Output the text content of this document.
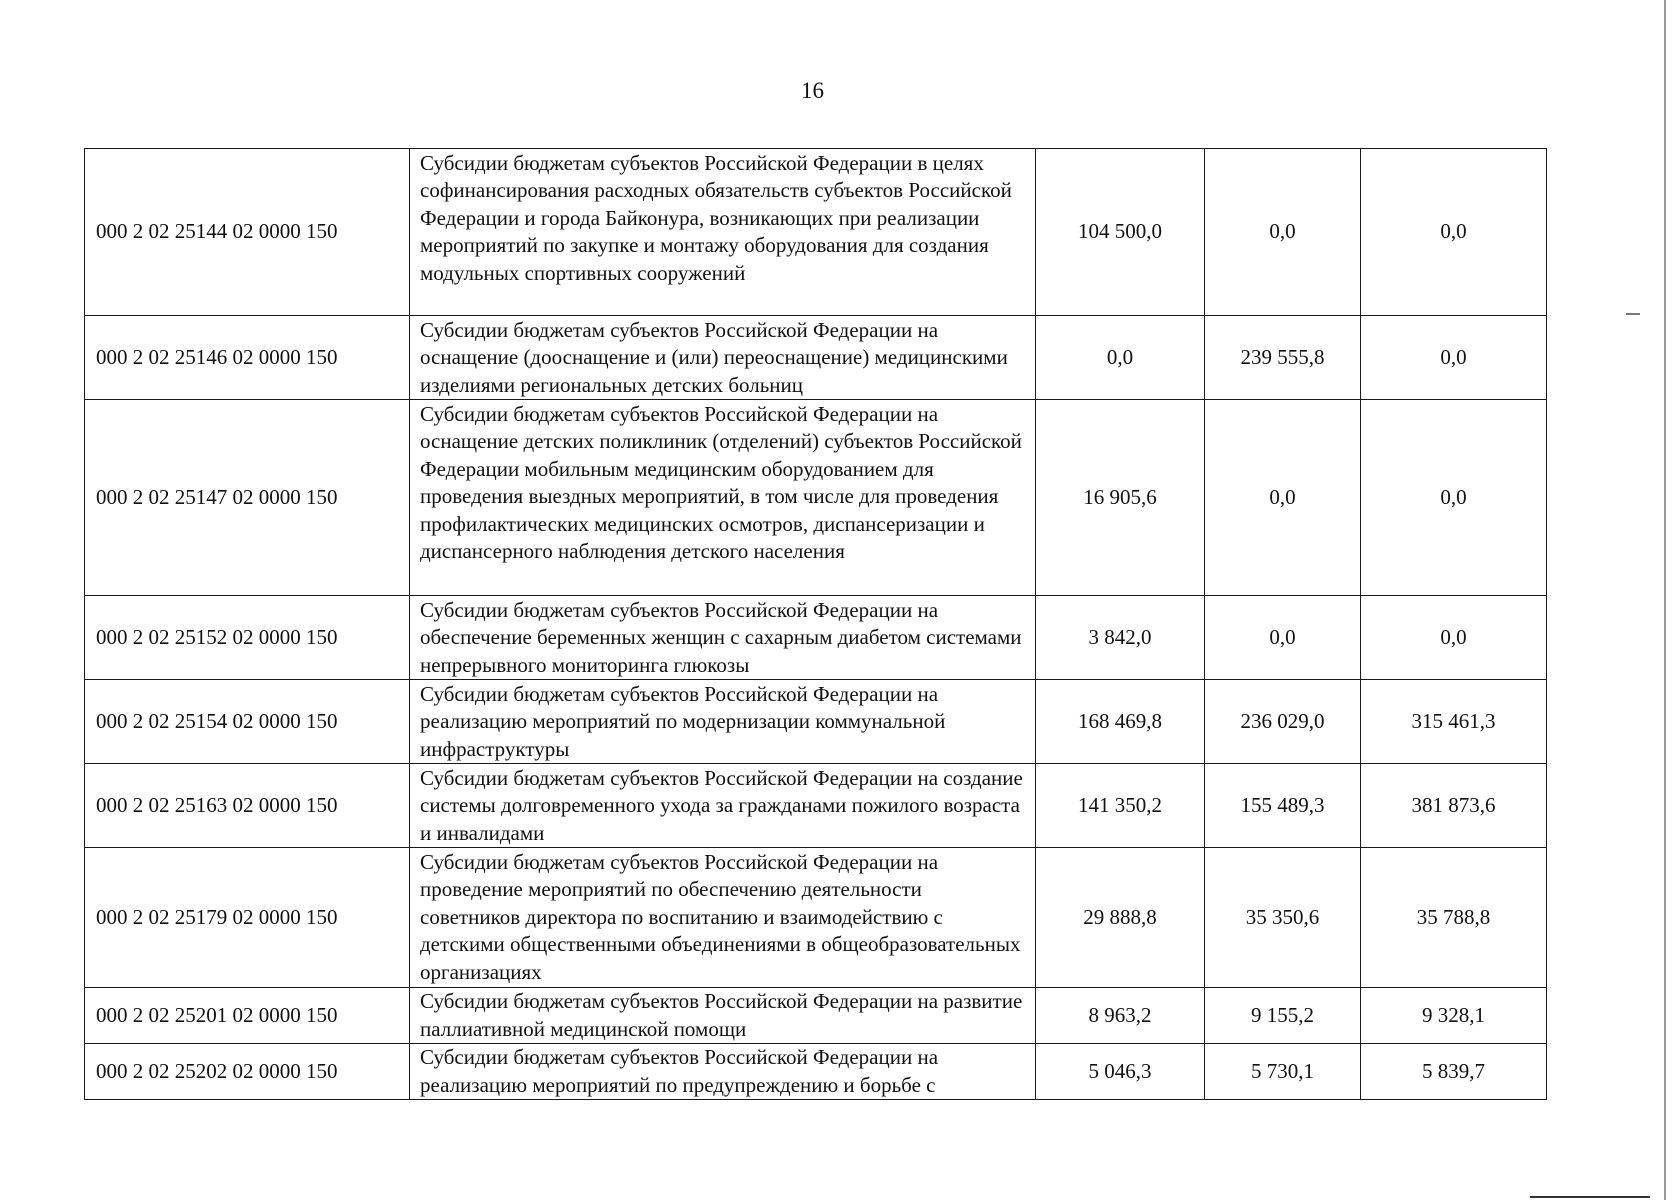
16
000 2 02 25144 02 0000 150	Субсидии бюджетам субъектов Российской Федерации в целях софинансирования расходных обязательств субъектов Российской Федерации и города Байконура, возникающих при реализации мероприятий по закупке и монтажу оборудования для создания модульных спортивных сооружений	104 500,0	0,0	0,0
000 2 02 25146 02 0000 150	Субсидии бюджетам субъектов Российской Федерации на оснащение (дооснащение и (или) переоснащение) медицинскими изделиями региональных детских больниц	0,0	239 555,8	0,0
000 2 02 25147 02 0000 150	Субсидии бюджетам субъектов Российской Федерации на оснащение детских поликлиник (отделений) субъектов Российской Федерации мобильным медицинским оборудованием для проведения выездных мероприятий, в том числе для проведения профилактических медицинских осмотров, диспансеризации и диспансерного наблюдения детского населения	16 905,6	0,0	0,0
000 2 02 25152 02 0000 150	Субсидии бюджетам субъектов Российской Федерации на обеспечение беременных женщин с сахарным диабетом системами непрерывного мониторинга глюкозы	3 842,0	0,0	0,0
000 2 02 25154 02 0000 150	Субсидии бюджетам субъектов Российской Федерации на реализацию мероприятий по модернизации коммунальной инфраструктуры	168 469,8	236 029,0	315 461,3
000 2 02 25163 02 0000 150	Субсидии бюджетам субъектов Российской Федерации на создание системы долговременного ухода за гражданами пожилого возраста и инвалидами	141 350,2	155 489,3	381 873,6
000 2 02 25179 02 0000 150	Субсидии бюджетам субъектов Российской Федерации на проведение мероприятий по обеспечению деятельности советников директора по воспитанию и взаимодействию с детскими общественными объединениями в общеобразовательных организациях	29 888,8	35 350,6	35 788,8
000 2 02 25201 02 0000 150	Субсидии бюджетам субъектов Российской Федерации на развитие паллиативной медицинской помощи	8 963,2	9 155,2	9 328,1
000 2 02 25202 02 0000 150	Субсидии бюджетам субъектов Российской Федерации на реализацию мероприятий по предупреждению и борьбе с	5 046,3	5 730,1	5 839,7
